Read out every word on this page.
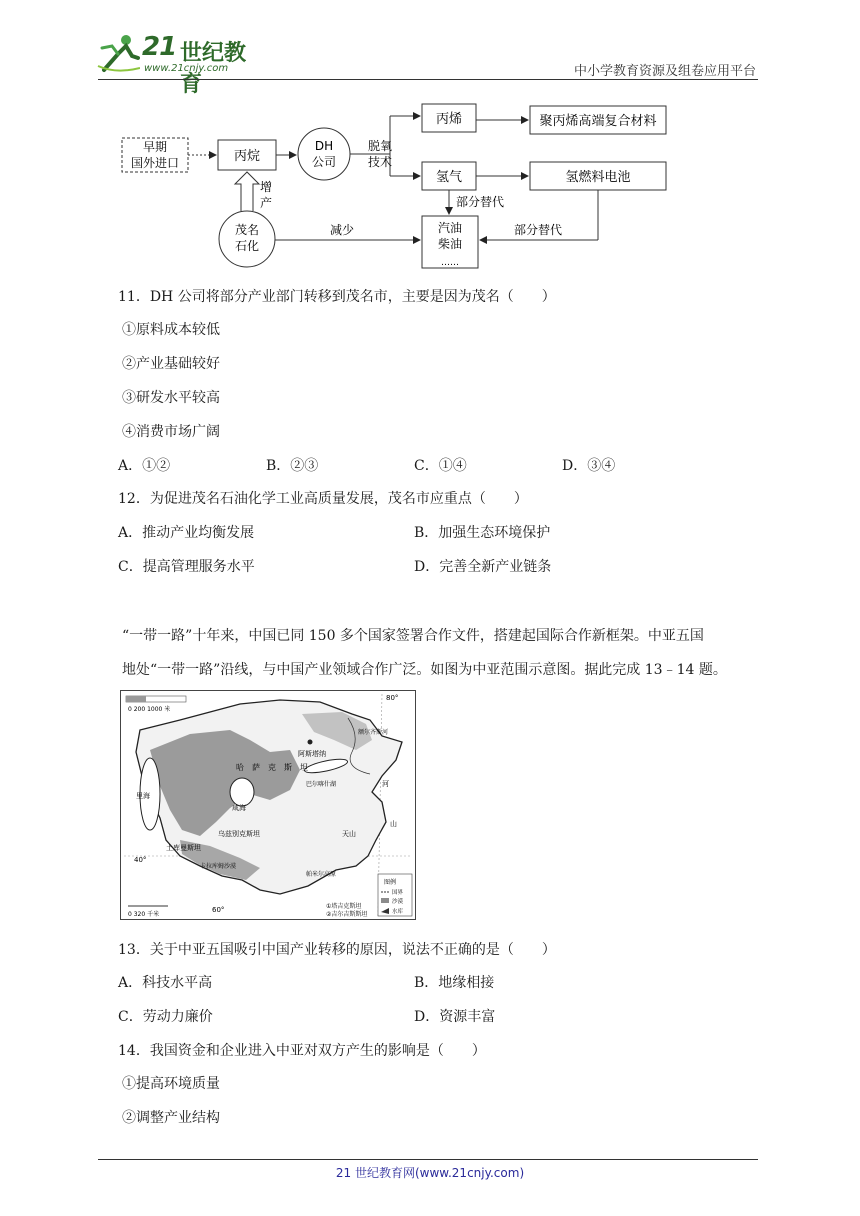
21 世纪教育
www.21cnjy.com	中小学教育资源及组卷应用平台
早期
国外进口	丙烷
DH
公司
脱氧
技术
丙烯	聚丙烯高端复合材料
氢气	氢燃料电池
部分替代
部分替代
汽油
柴油
……
茂名
石化
增
产
减少
11．DH 公司将部分产业部门转移到茂名市，主要是因为茂名（　　）
①原料成本较低
②产业基础较好
③研发水平较高
④消费市场广阔
A．①②	B．②③	C．①④	D．③④
12．为促进茂名石油化学工业高质量发展，茂名市应重点（　　）
A．推动产业均衡发展	B．加强生态环境保护
C．提高管理服务水平	D．完善全新产业链条
“一带一路”十年来，中国已同 150 多个国家签署合作文件，搭建起国际合作新框架。中亚五国
地处“一带一路”沿线，与中国产业领域合作广泛。如图为中亚范围示意图。据此完成 13﹣14 题。
0 200 1000 米
80°
阿斯塔纳
哈 萨 克 斯 坦
额尔齐斯河
巴尔喀什湖
咸海
里海
土库曼斯坦
乌兹别克斯坦	天山
帕米尔高原
卡拉库姆沙漠
山
河
40°
60°	①塔吉克斯坦
②吉尔吉斯斯坦
0 320 千米
图例
国界
沙漠
水库
13．关于中亚五国吸引中国产业转移的原因，说法不正确的是（　　）
A．科技水平高	B．地缘相接
C．劳动力廉价	D．资源丰富
14．我国资金和企业进入中亚对双方产生的影响是（　　）
①提高环境质量
②调整产业结构
21 世纪教育网(www.21cnjy.com)
